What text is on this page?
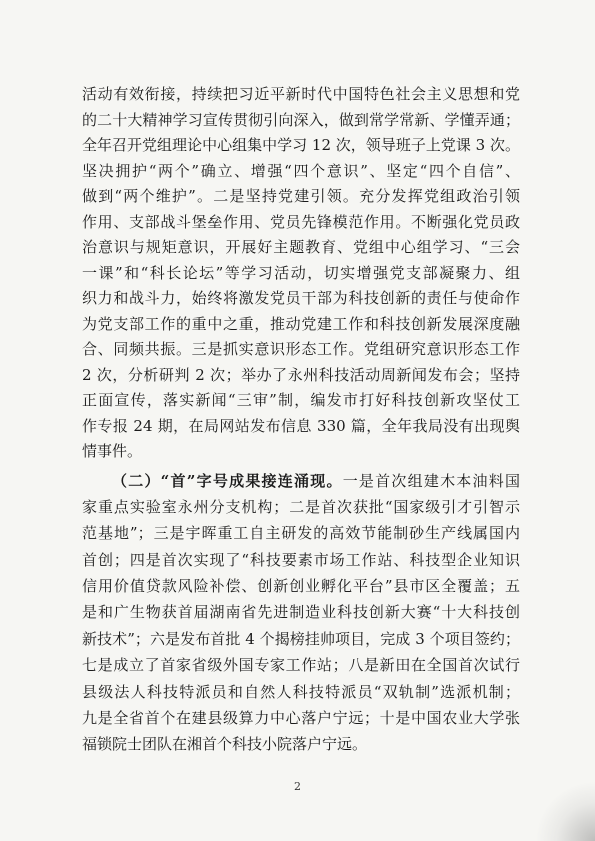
活动有效衔接，持续把习近平新时代中国特色社会主义思想和党
的二十大精神学习宣传贯彻引向深入，做到常学常新、学懂弄通；
全年召开党组理论中心组集中学习 12 次，领导班子上党课 3 次。
坚决拥护“两个”确立、增强“四个意识”、坚定“四个自信”、
做到“两个维护”。二是坚持党建引领。充分发挥党组政治引领
作用、支部战斗堡垒作用、党员先锋模范作用。不断强化党员政
治意识与规矩意识，开展好主题教育、党组中心组学习、“三会
一课”和“科长论坛”等学习活动，切实增强党支部凝聚力、组
织力和战斗力，始终将激发党员干部为科技创新的责任与使命作
为党支部工作的重中之重，推动党建工作和科技创新发展深度融
合、同频共振。三是抓实意识形态工作。党组研究意识形态工作
2 次，分析研判 2 次；举办了永州科技活动周新闻发布会；坚持
正面宣传，落实新闻“三审”制，编发市打好科技创新攻坚仗工
作专报 24 期，在局网站发布信息 330 篇，全年我局没有出现舆
情事件。
（二）“首”字号成果接连涌现。一是首次组建木本油料国
家重点实验室永州分支机构；二是首次获批“国家级引才引智示
范基地”；三是宇晖重工自主研发的高效节能制砂生产线属国内
首创；四是首次实现了“科技要素市场工作站、科技型企业知识
信用价值贷款风险补偿、创新创业孵化平台”县市区全覆盖；五
是和广生物获首届湖南省先进制造业科技创新大赛“十大科技创
新技术”；六是发布首批 4 个揭榜挂帅项目，完成 3 个项目签约；
七是成立了首家省级外国专家工作站；八是新田在全国首次试行
县级法人科技特派员和自然人科技特派员“双轨制”选派机制；
九是全省首个在建县级算力中心落户宁远；十是中国农业大学张
福锁院士团队在湘首个科技小院落户宁远。
2
